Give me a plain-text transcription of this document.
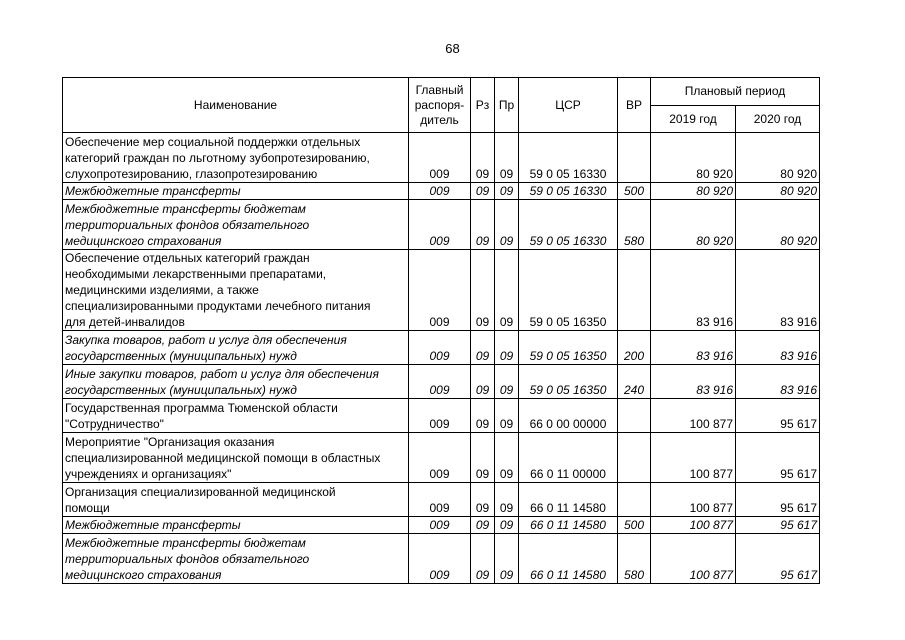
68
Наименование	Главный распоря-дитель	Рз	Пр	ЦСР	ВР	Плановый период	
						2019 год	2020 год
Обеспечение мер социальной поддержки отдельных
категорий граждан по льготному зубопротезированию,
слухопротезированию, глазопротезированию	009	09	09	59 0 05 16330		80 920	80 920
Межбюджетные трансферты	009	09	09	59 0 05 16330	500	80 920	80 920
Межбюджетные трансферты бюджетам
территориальных фондов обязательного
медицинского страхования	009	09	09	59 0 05 16330	580	80 920	80 920
Обеспечение отдельных категорий граждан
необходимыми лекарственными препаратами,
медицинскими изделиями, а также
специализированными продуктами лечебного питания
для детей-инвалидов	009	09	09	59 0 05 16350		83 916	83 916
Закупка товаров, работ и услуг для обеспечения
государственных (муниципальных) нужд	009	09	09	59 0 05 16350	200	83 916	83 916
Иные закупки товаров, работ и услуг для обеспечения
государственных (муниципальных) нужд	009	09	09	59 0 05 16350	240	83 916	83 916
Государственная программа Тюменской области
"Сотрудничество"	009	09	09	66 0 00 00000		100 877	95 617
Мероприятие "Организация оказания
специализированной медицинской помощи в областных
учреждениях и организациях"	009	09	09	66 0 11 00000		100 877	95 617
Организация специализированной медицинской
помощи	009	09	09	66 0 11 14580		100 877	95 617
Межбюджетные трансферты	009	09	09	66 0 11 14580	500	100 877	95 617
Межбюджетные трансферты бюджетам
территориальных фондов обязательного
медицинского страхования	009	09	09	66 0 11 14580	580	100 877	95 617
